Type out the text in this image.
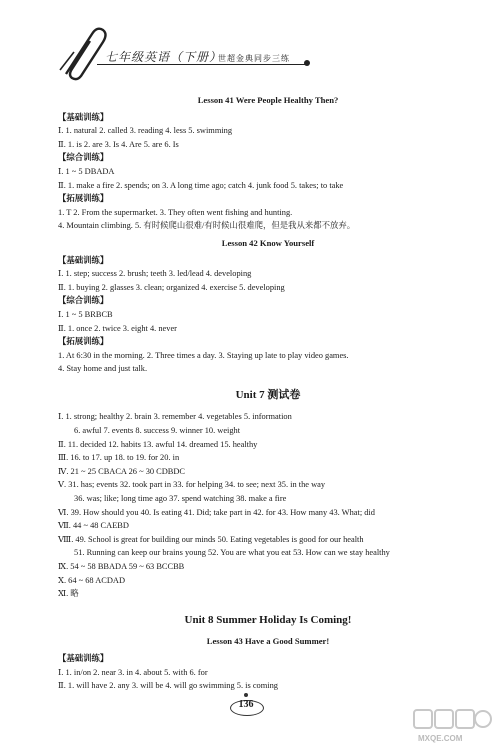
七年级英语（下册）
世超金典同步三练
Lesson 41 Were People Healthy Then?
【基础训练】
Ⅰ. 1. natural 2. called 3. reading 4. less 5. swimming
Ⅱ. 1. is 2. are 3. Is 4. Are 5. are 6. Is
【综合训练】
Ⅰ. 1 ~ 5 DBADA
Ⅱ. 1. make a fire 2. spends; on 3. A long time ago; catch 4. junk food 5. takes; to take
【拓展训练】
1. T 2. From the supermarket. 3. They often went fishing and hunting.
4. Mountain climbing. 5. 有时候爬山很难/有时候山很难爬，但是我从来都不放弃。
Lesson 42 Know Yourself
【基础训练】
Ⅰ. 1. step; success 2. brush; teeth 3. led/lead 4. developing
Ⅱ. 1. buying 2. glasses 3. clean; organized 4. exercise 5. developing
【综合训练】
Ⅰ. 1 ~ 5 BRBCB
Ⅱ. 1. once 2. twice 3. eight 4. never
【拓展训练】
1. At 6:30 in the morning. 2. Three times a day. 3. Staying up late to play video games.
4. Stay home and just talk.
Unit 7 测试卷
Ⅰ. 1. strong; healthy 2. brain 3. remember 4. vegetables 5. information
6. awful 7. events 8. success 9. winner 10. weight
Ⅱ. 11. decided 12. habits 13. awful 14. dreamed 15. healthy
Ⅲ. 16. to 17. up 18. to 19. for 20. in
Ⅳ. 21 ~ 25 CBACA 26 ~ 30 CDBDC
Ⅴ. 31. has; events 32. took part in 33. for helping 34. to see; next 35. in the way
36. was; like; long time ago 37. spend watching 38. make a fire
Ⅵ. 39. How should you 40. Is eating 41. Did; take part in 42. for 43. How many 43. What; did
Ⅶ. 44 ~ 48 CAEBD
Ⅷ. 49. School is great for building our minds 50. Eating vegetables is good for our health
51. Running can keep our brains young 52. You are what you eat 53. How can we stay healthy
Ⅸ. 54 ~ 58 BBADA 59 ~ 63 BCCBB
Ⅹ. 64 ~ 68 ACDAD
Ⅺ. 略
Unit 8 Summer Holiday Is Coming!
Lesson 43 Have a Good Summer!
【基础训练】
Ⅰ. 1. in/on 2. near 3. in 4. about 5. with 6. for
Ⅱ. 1. will have 2. any 3. will be 4. will go swimming 5. is coming
136
MXQE.COM
